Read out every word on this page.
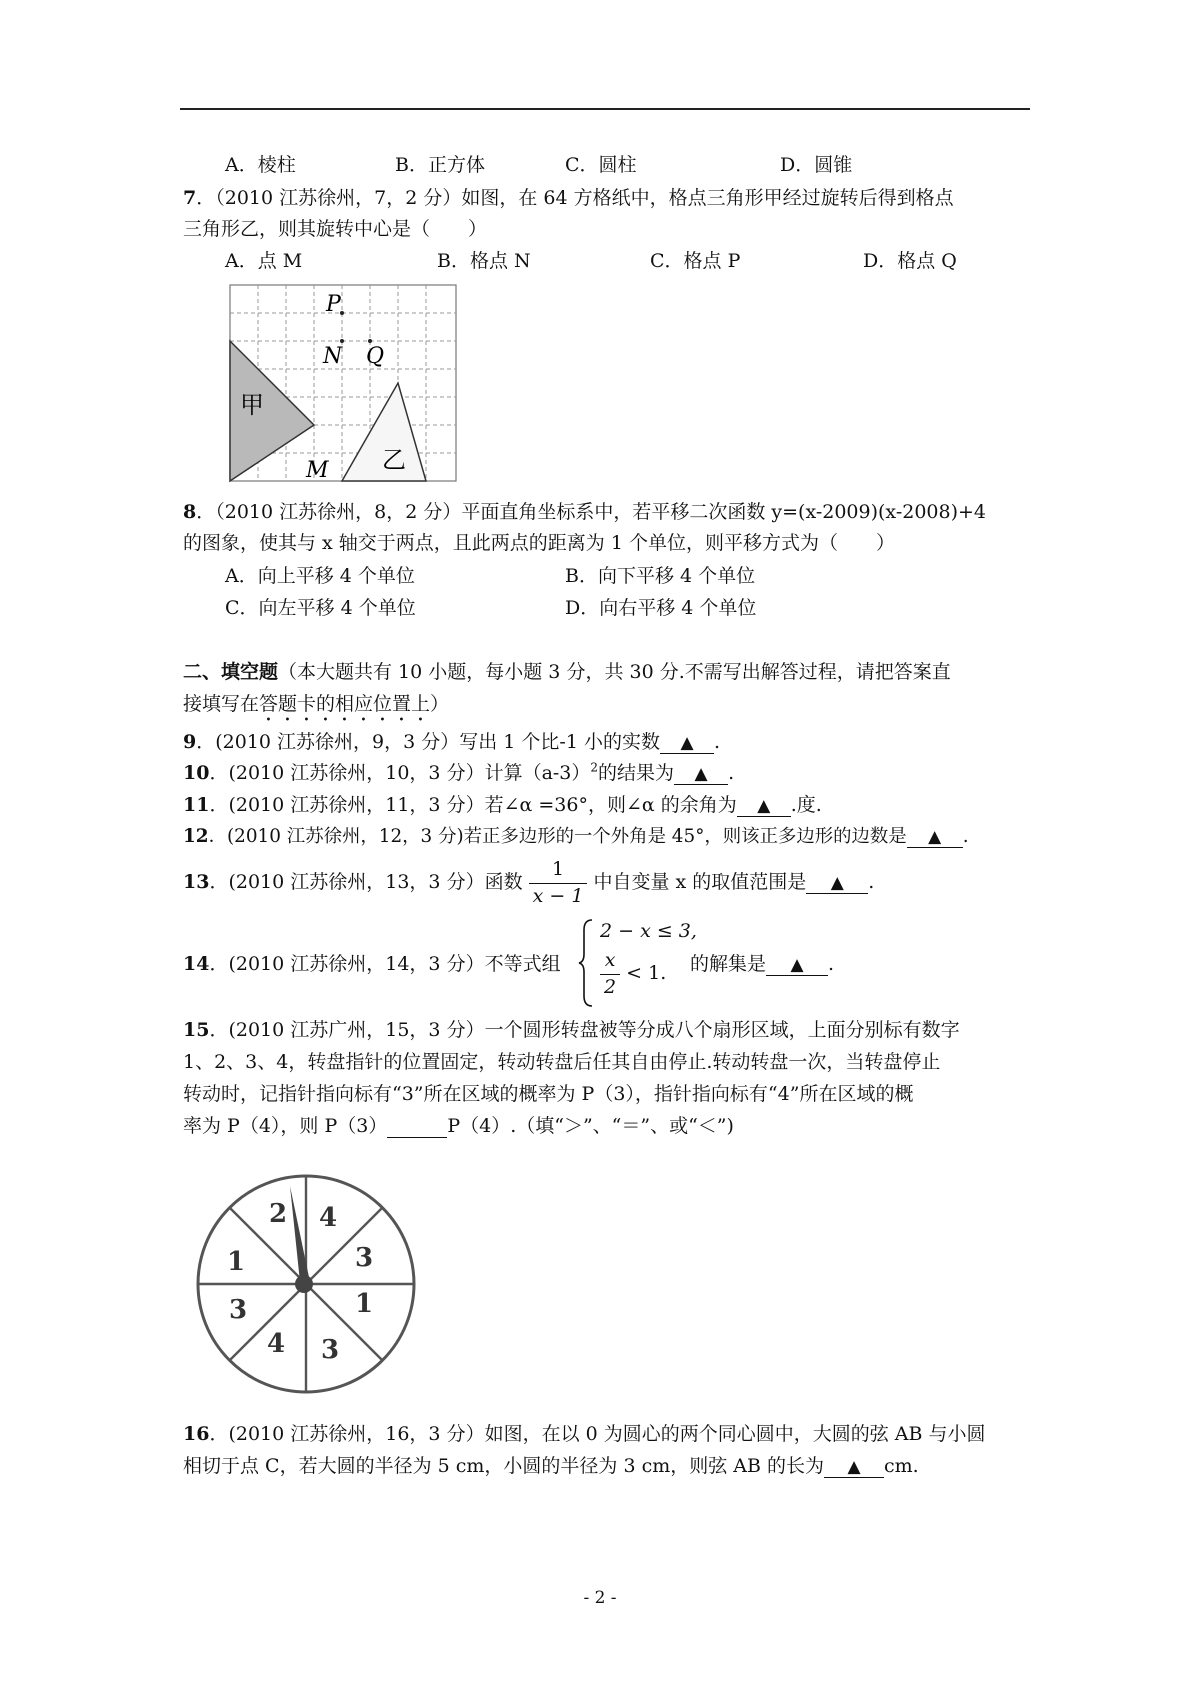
A．棱柱	B．正方体	C．圆柱	D．圆锥
7．（2010 江苏徐州，7，2 分）如图，在 64 方格纸中，格点三角形甲经过旋转后得到格点
三角形乙，则其旋转中心是（　　）
A．点 M	B．格点 N	C．格点 P	D．格点 Q
P
N Q
M
甲
乙
8．（2010 江苏徐州，8，2 分）平面直角坐标系中，若平移二次函数 y=(x-2009)(x-2008)+4
的图象，使其与 x 轴交于两点，且此两点的距离为 1 个单位，则平移方式为（　　）
A．向上平移 4 个单位	B．向下平移 4 个单位
C．向左平移 4 个单位	D．向右平移 4 个单位
二、填空题（本大题共有 10 小题，每小题 3 分，共 30 分.不需写出解答过程，请把答案直
接填写在答题卡的相应位置上）
9．(2010 江苏徐州，9，3 分）写出 1 个比-1 小的实数 ▲ .
10．(2010 江苏徐州，10，3 分）计算$(a-3)^2$的结果为 ▲ .
11．(2010 江苏徐州，11，3 分）若∠α =36°，则∠α 的余角为 ▲ .度.
12．(2010 江苏徐州，12，3 分)若正多边形的一个外角是 45°，则该正多边形的边数是 ▲ .
13．(2010 江苏徐州，13，3 分）函数 $\frac{1}{x - 1}$ 中自变量 x 的取值范围是 ▲ .
14．(2010 江苏徐州，14，3 分）不等式组
2 − x ≤ 3,
$\frac{x}{2} < 1$. 的解集是 ▲ .
15．(2010 江苏广州，15，3 分）一个圆形转盘被等分成八个扇形区域，上面分别标有数字
1、2、3、4，转盘指针的位置固定，转动转盘后任其自由停止.转动转盘一次，当转盘停止
转动时，记指针指向标有“3”所在区域的概率为 P（3），指针指向标有“4”所在区域的概
率为 P（4），则 P（3）	P（4）.（填“＞”、“＝”、或“＜”)
2 4
3
1
3
4
3
1
16．(2010 江苏徐州，16，3 分）如图，在以 0 为圆心的两个同心圆中，大圆的弦 AB 与小圆
相切于点 C，若大圆的半径为 5 cm，小圆的半径为 3 cm，则弦 AB 的长为 ▲ cm.
- 2 -
